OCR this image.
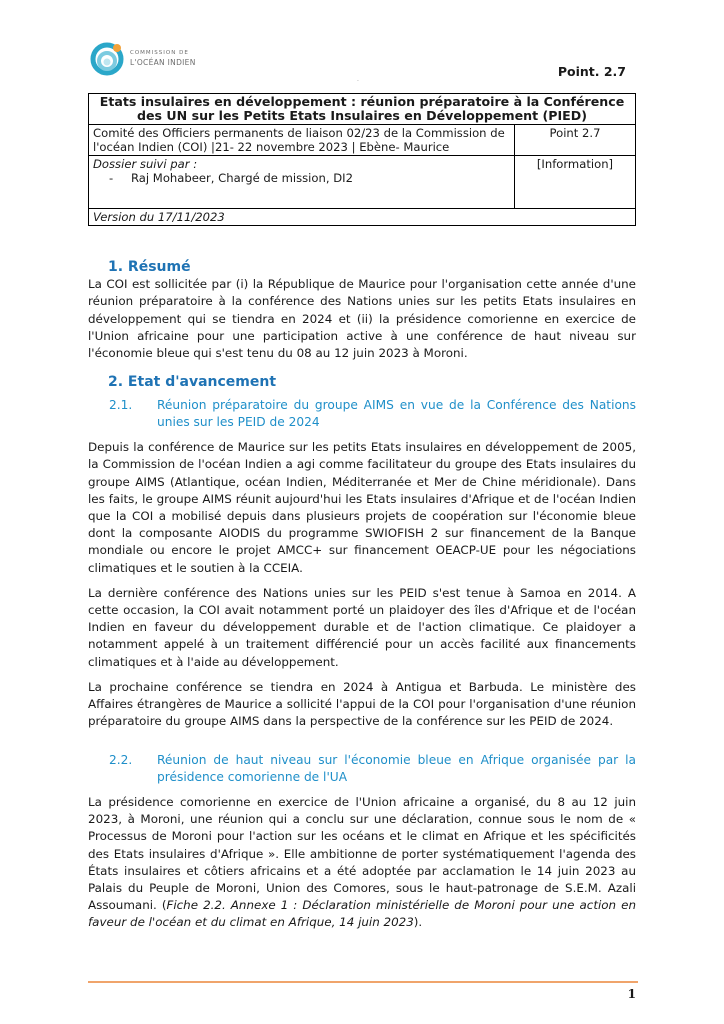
COMMISSION DE
L'OCÉAN INDIEN
.
Point. 2.7
Etats insulaires en développement : réunion préparatoire à la Conférence des UN sur les Petits Etats Insulaires en Développement (PIED)	
Comité des Officiers permanents de liaison 02/23 de la Commission de l'océan Indien (COI) |21- 22 novembre 2023 | Ebène- Maurice	Point 2.7

Dossier suivi par :
- Raj Mohabeer, Chargé de mission, DI2	[Information]
Version du 17/11/2023	
1. Résumé

La COI est sollicitée par (i) la République de Maurice pour l'organisation cette année d'une réunion préparatoire à la conférence des Nations unies sur les petits Etats insulaires en développement qui se tiendra en 2024 et (ii) la présidence comorienne en exercice de l'Union africaine pour une participation active à une conférence de haut niveau sur l'économie bleue qui s'est tenu du 08 au 12 juin 2023 à Moroni.

2. Etat d'avancement
2.1.	Réunion préparatoire du groupe AIMS en vue de la Conférence des Nations unies sur les PEID de 2024

Depuis la conférence de Maurice sur les petits Etats insulaires en développement de 2005, la Commission de l'océan Indien a agi comme facilitateur du groupe des Etats insulaires du groupe AIMS (Atlantique, océan Indien, Méditerranée et Mer de Chine méridionale). Dans les faits, le groupe AIMS réunit aujourd'hui les Etats insulaires d'Afrique et de l'océan Indien que la COI a mobilisé depuis dans plusieurs projets de coopération sur l'économie bleue dont la composante AIODIS du programme SWIOFISH 2 sur financement de la Banque mondiale ou encore le projet AMCC+ sur financement OEACP-UE pour les négociations climatiques et le soutien à la CCEIA.

La dernière conférence des Nations unies sur les PEID s'est tenue à Samoa en 2014. A cette occasion, la COI avait notamment porté un plaidoyer des îles d'Afrique et de l'océan Indien en faveur du développement durable et de l'action climatique. Ce plaidoyer a notamment appelé à un traitement différencié pour un accès facilité aux financements climatiques et à l'aide au développement.

La prochaine conférence se tiendra en 2024 à Antigua et Barbuda. Le ministère des Affaires étrangères de Maurice a sollicité l'appui de la COI pour l'organisation d'une réunion préparatoire du groupe AIMS dans la perspective de la conférence sur les PEID de 2024.

2.2.	Réunion de haut niveau sur l'économie bleue en Afrique organisée par la présidence comorienne de l'UA

La présidence comorienne en exercice de l'Union africaine a organisé, du 8 au 12 juin 2023, à Moroni, une réunion qui a conclu sur une déclaration, connue sous le nom de « Processus de Moroni pour l'action sur les océans et le climat en Afrique et les spécificités des Etats insulaires d'Afrique ». Elle ambitionne de porter systématiquement l'agenda des États insulaires et côtiers africains et a été adoptée par acclamation le 14 juin 2023 au Palais du Peuple de Moroni, Union des Comores, sous le haut-patronage de S.E.M. Azali Assoumani. (Fiche 2.2. Annexe 1 : Déclaration ministérielle de Moroni pour une action en faveur de l'océan et du climat en Afrique, 14 juin 2023).

1
